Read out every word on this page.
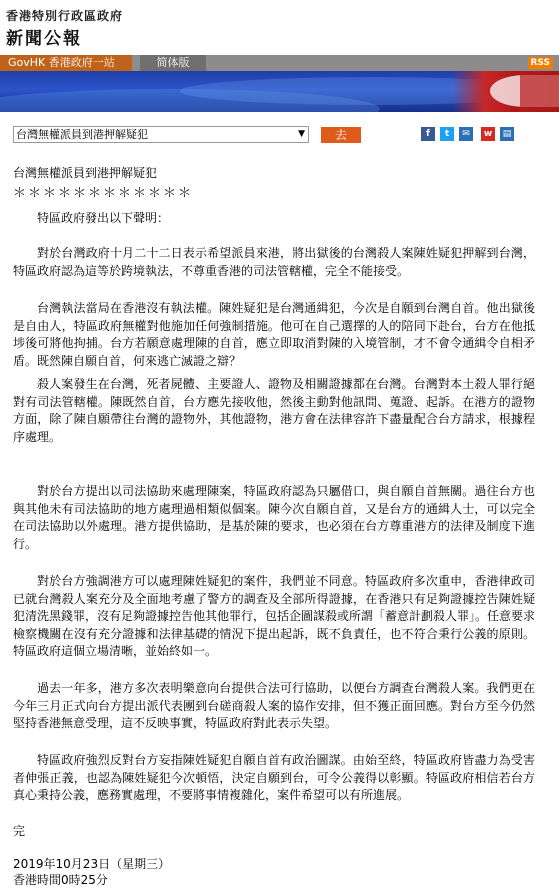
香港特別行政區政府
新聞公報
GovHK 香港政府一站	简体版	RSS
台灣無權派員到港押解疑犯	▼	去	f	t	✉	w	▤
台灣無權派員到港押解疑犯
＊＊＊＊＊＊＊＊＊＊＊＊
特區政府發出以下聲明：
對於台灣政府十月二十二日表示希望派員來港，將出獄後的台灣殺人案陳姓疑犯押解到台灣，特區政府認為這等於跨境執法，不尊重香港的司法管轄權，完全不能接受。
台灣執法當局在香港沒有執法權。陳姓疑犯是台灣通緝犯，今次是自願到台灣自首。他出獄後是自由人，特區政府無權對他施加任何強制措施。他可在自己選擇的人的陪同下赴台，台方在他抵埗後可將他拘捕。台方若願意處理陳的自首，應立即取消對陳的入境管制，才不會令通緝令自相矛盾。既然陳自願自首，何來逃亡滅證之辯？
殺人案發生在台灣，死者屍體、主要證人、證物及相關證據都在台灣。台灣對本土殺人罪行絕對有司法管轄權。陳既然自首，台方應先接收他，然後主動對他訊問、蒐證、起訴。在港方的證物方面，除了陳自願帶往台灣的證物外，其他證物，港方會在法律容許下盡量配合台方請求，根據程序處理。
對於台方提出以司法協助來處理陳案，特區政府認為只屬借口，與自願自首無關。過往台方也與其他未有司法協助的地方處理過相類似個案。陳今次自願自首，又是台方的通緝人士，可以完全在司法協助以外處理。港方提供協助，是基於陳的要求，也必須在台方尊重港方的法律及制度下進行。
對於台方強調港方可以處理陳姓疑犯的案件，我們並不同意。特區政府多次重申，香港律政司已就台灣殺人案充分及全面地考慮了警方的調查及全部所得證據，在香港只有足夠證據控告陳姓疑犯清洗黑錢罪，沒有足夠證據控告他其他罪行，包括企圖謀殺或所謂「蓄意計劃殺人罪」。任意要求檢察機關在沒有充分證據和法律基礎的情況下提出起訴，既不負責任，也不符合秉行公義的原則。特區政府這個立場清晰，並始終如一。
過去一年多，港方多次表明樂意向台提供合法可行協助，以便台方調查台灣殺人案。我們更在今年三月正式向台方提出派代表團到台磋商殺人案的協作安排，但不獲正面回應。對台方至今仍然堅持香港無意受理，這不反映事實，特區政府對此表示失望。
特區政府強烈反對台方妄指陳姓疑犯自願自首有政治圖謀。由始至終，特區政府皆盡力為受害者伸張正義，也認為陳姓疑犯今次頓悟，決定自願到台，可令公義得以彰顯。特區政府相信若台方真心秉持公義，應務實處理，不要將事情複雜化，案件希望可以有所進展。
完
2019年10月23日（星期三）
香港時間0時25分
